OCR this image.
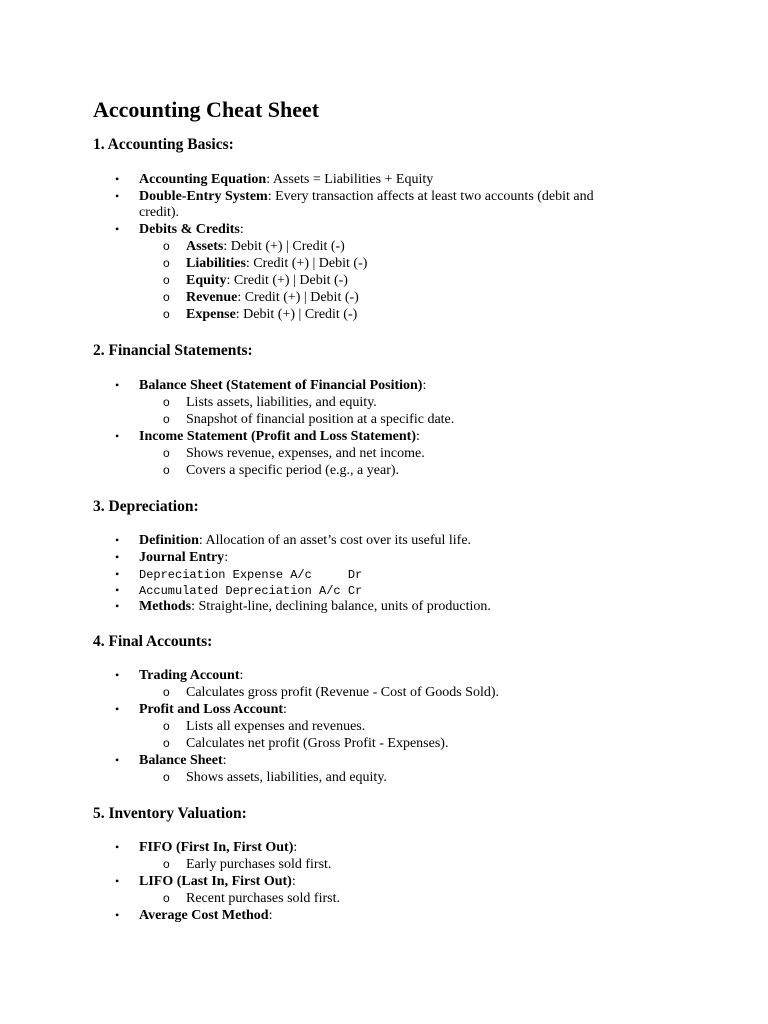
Accounting Cheat Sheet
1. Accounting Basics:
• Accounting Equation: Assets = Liabilities + Equity
• Double-Entry System: Every transaction affects at least two accounts (debit and
credit).
• Debits & Credits:
o Assets: Debit (+) | Credit (-)
o Liabilities: Credit (+) | Debit (-)
o Equity: Credit (+) | Debit (-)
o Revenue: Credit (+) | Debit (-)
o Expense: Debit (+) | Credit (-)
2. Financial Statements:
• Balance Sheet (Statement of Financial Position):
o Lists assets, liabilities, and equity.
o Snapshot of financial position at a specific date.
• Income Statement (Profit and Loss Statement):
o Shows revenue, expenses, and net income.
o Covers a specific period (e.g., a year).
3. Depreciation:
• Definition: Allocation of an asset’s cost over its useful life.
• Journal Entry:
• Depreciation Expense A/c     Dr
• Accumulated Depreciation A/c Cr
• Methods: Straight-line, declining balance, units of production.
4. Final Accounts:
• Trading Account:
o Calculates gross profit (Revenue - Cost of Goods Sold).
• Profit and Loss Account:
o Lists all expenses and revenues.
o Calculates net profit (Gross Profit - Expenses).
• Balance Sheet:
o Shows assets, liabilities, and equity.
5. Inventory Valuation:
• FIFO (First In, First Out):
o Early purchases sold first.
• LIFO (Last In, First Out):
o Recent purchases sold first.
• Average Cost Method:
